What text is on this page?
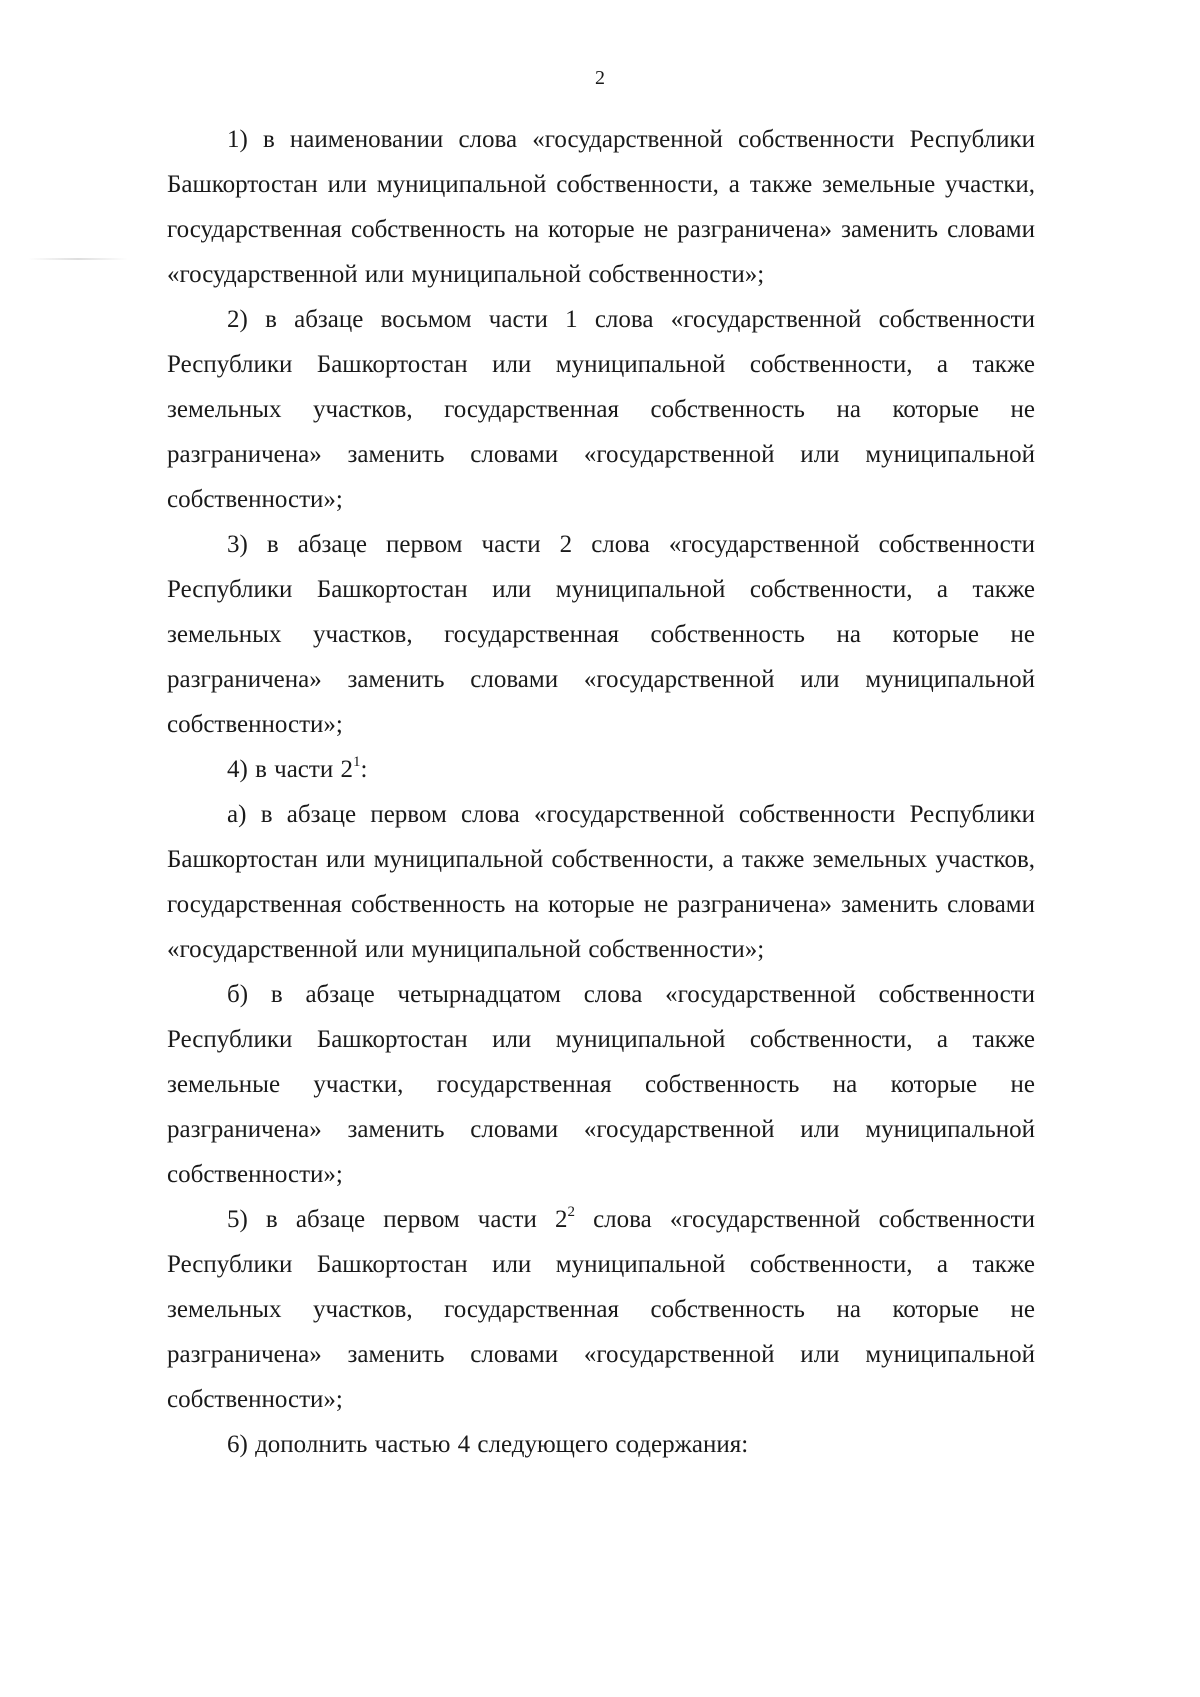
2

1) в наименовании слова «государственной собственности Республики Башкортостан или муниципальной собственности, а также земельные участки, государственная собственность на которые не разграничена» заменить словами «государственной или муниципальной собственности»;

2) в абзаце восьмом части 1 слова «государственной собственности Республики Башкортостан или муниципальной собственности, а также земельных участков, государственная собственность на которые не разграничена» заменить словами «государственной или муниципальной собственности»;

3) в абзаце первом части 2 слова «государственной собственности Республики Башкортостан или муниципальной собственности, а также земельных участков, государственная собственность на которые не разграничена» заменить словами «государственной или муниципальной собственности»;

4) в части $2^1$:

а) в абзаце первом слова «государственной собственности Республики Башкортостан или муниципальной собственности, а также земельных участков, государственная собственность на которые не разграничена» заменить словами «государственной или муниципальной собственности»;

б) в абзаце четырнадцатом слова «государственной собственности Республики Башкортостан или муниципальной собственности, а также земельные участки, государственная собственность на которые не разграничена» заменить словами «государственной или муниципальной собственности»;

5) в абзаце первом части $2^2$ слова «государственной собственности Республики Башкортостан или муниципальной собственности, а также земельных участков, государственная собственность на которые не разграничена» заменить словами «государственной или муниципальной собственности»;

6) дополнить частью 4 следующего содержания:
